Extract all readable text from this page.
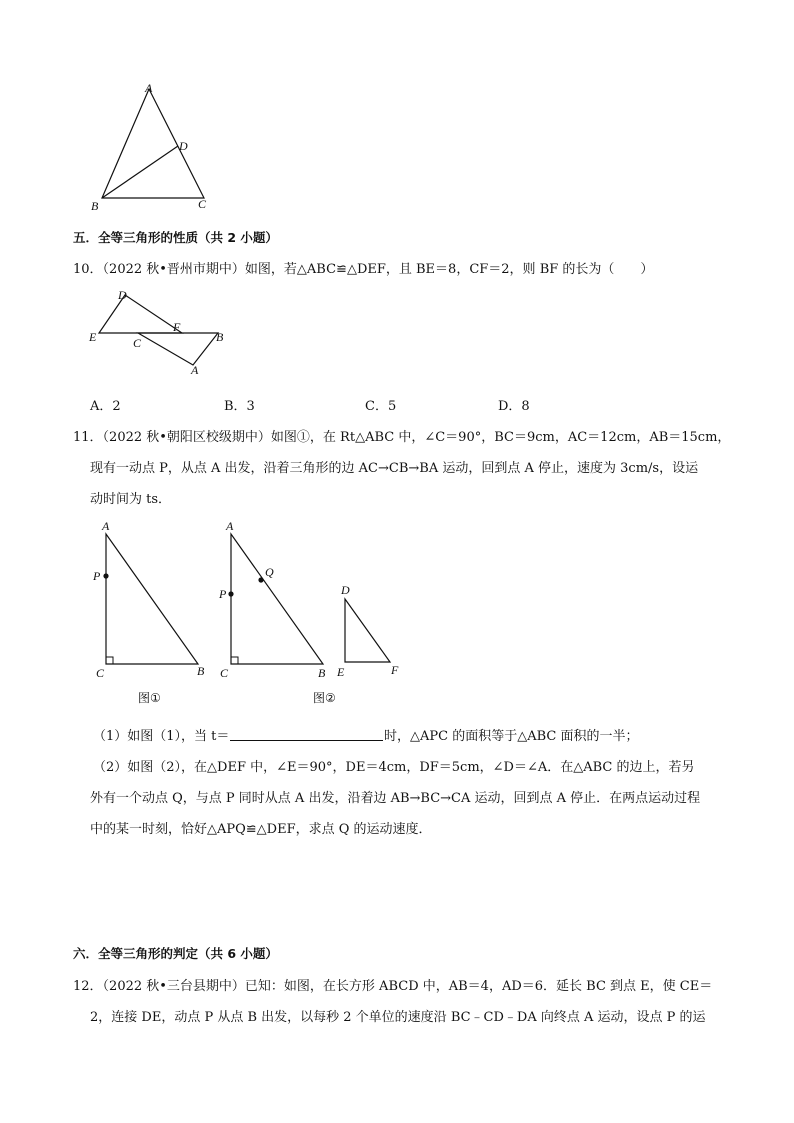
A
D
B	C
五．全等三角形的性质（共 2 小题）
10．（2022 秋•晋州市期中）如图，若△ABC≌△DEF，且 BE＝8，CF＝2，则 BF 的长为（　　）
D
E	C
F
B
A
A．2	B．3	C．5	D．8
11．（2022 秋•朝阳区校级期中）如图①，在 Rt△ABC 中，∠C＝90°，BC＝9cm，AC＝12cm，AB＝15cm，
现有一动点 P，从点 A 出发，沿着三角形的边 AC→CB→BA 运动，回到点 A 停止，速度为 3cm/s，设运
动时间为 ts．
A
P
C	B
图①
A
Q
P
C	B
图②
D
E	F
（1）如图（1），当 t＝	时，△APC 的面积等于△ABC 面积的一半；
（2）如图（2），在△DEF 中，∠E＝90°，DE＝4cm，DF＝5cm，∠D＝∠A．在△ABC 的边上，若另
外有一个动点 Q，与点 P 同时从点 A 出发，沿着边 AB→BC→CA 运动，回到点 A 停止．在两点运动过程
中的某一时刻，恰好△APQ≌△DEF，求点 Q 的运动速度．
六．全等三角形的判定（共 6 小题）
12．（2022 秋•三台县期中）已知：如图，在长方形 ABCD 中，AB＝4，AD＝6．延长 BC 到点 E，使 CE＝
2，连接 DE，动点 P 从点 B 出发，以每秒 2 个单位的速度沿 BC﹣CD﹣DA 向终点 A 运动，设点 P 的运
